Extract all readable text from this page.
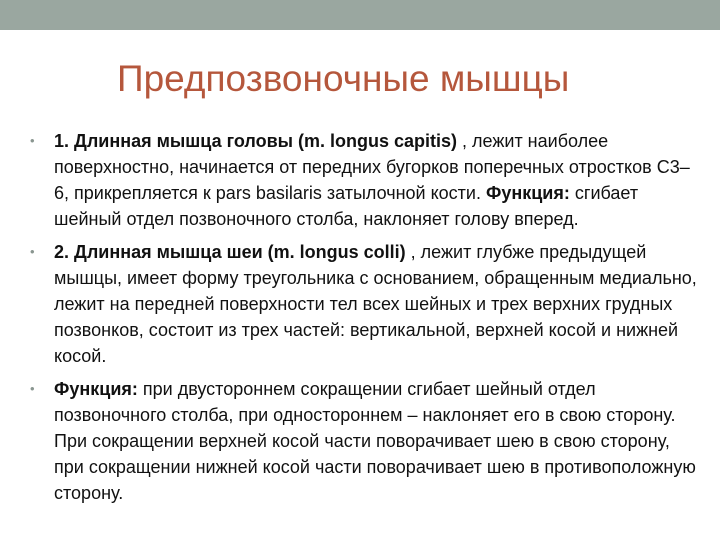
Предпозвоночные мышцы
• 1. Длинная мышца головы (m. longus capitis) , лежит наиболее поверхностно, начинается от передних бугорков поперечных отростков С3–6, прикрепляется к pars basilaris затылочной кости. Функция: сгибает шейный отдел позвоночного столба, наклоняет голову вперед.
• 2. Длинная мышца шеи (m. longus colli) , лежит глубже предыдущей мышцы, имеет форму треугольника с основанием, обращенным медиально, лежит на передней поверхности тел всех шейных и трех верхних грудных позвонков, состоит из трех частей: вертикальной, верхней косой и нижней косой.
• Функция: при двустороннем сокращении сгибает шейный отдел позвоночного столба, при одностороннем – наклоняет его в свою сторону. При сокращении верхней косой части поворачивает шею в свою сторону, при сокращении нижней косой части поворачивает шею в противоположную сторону.
